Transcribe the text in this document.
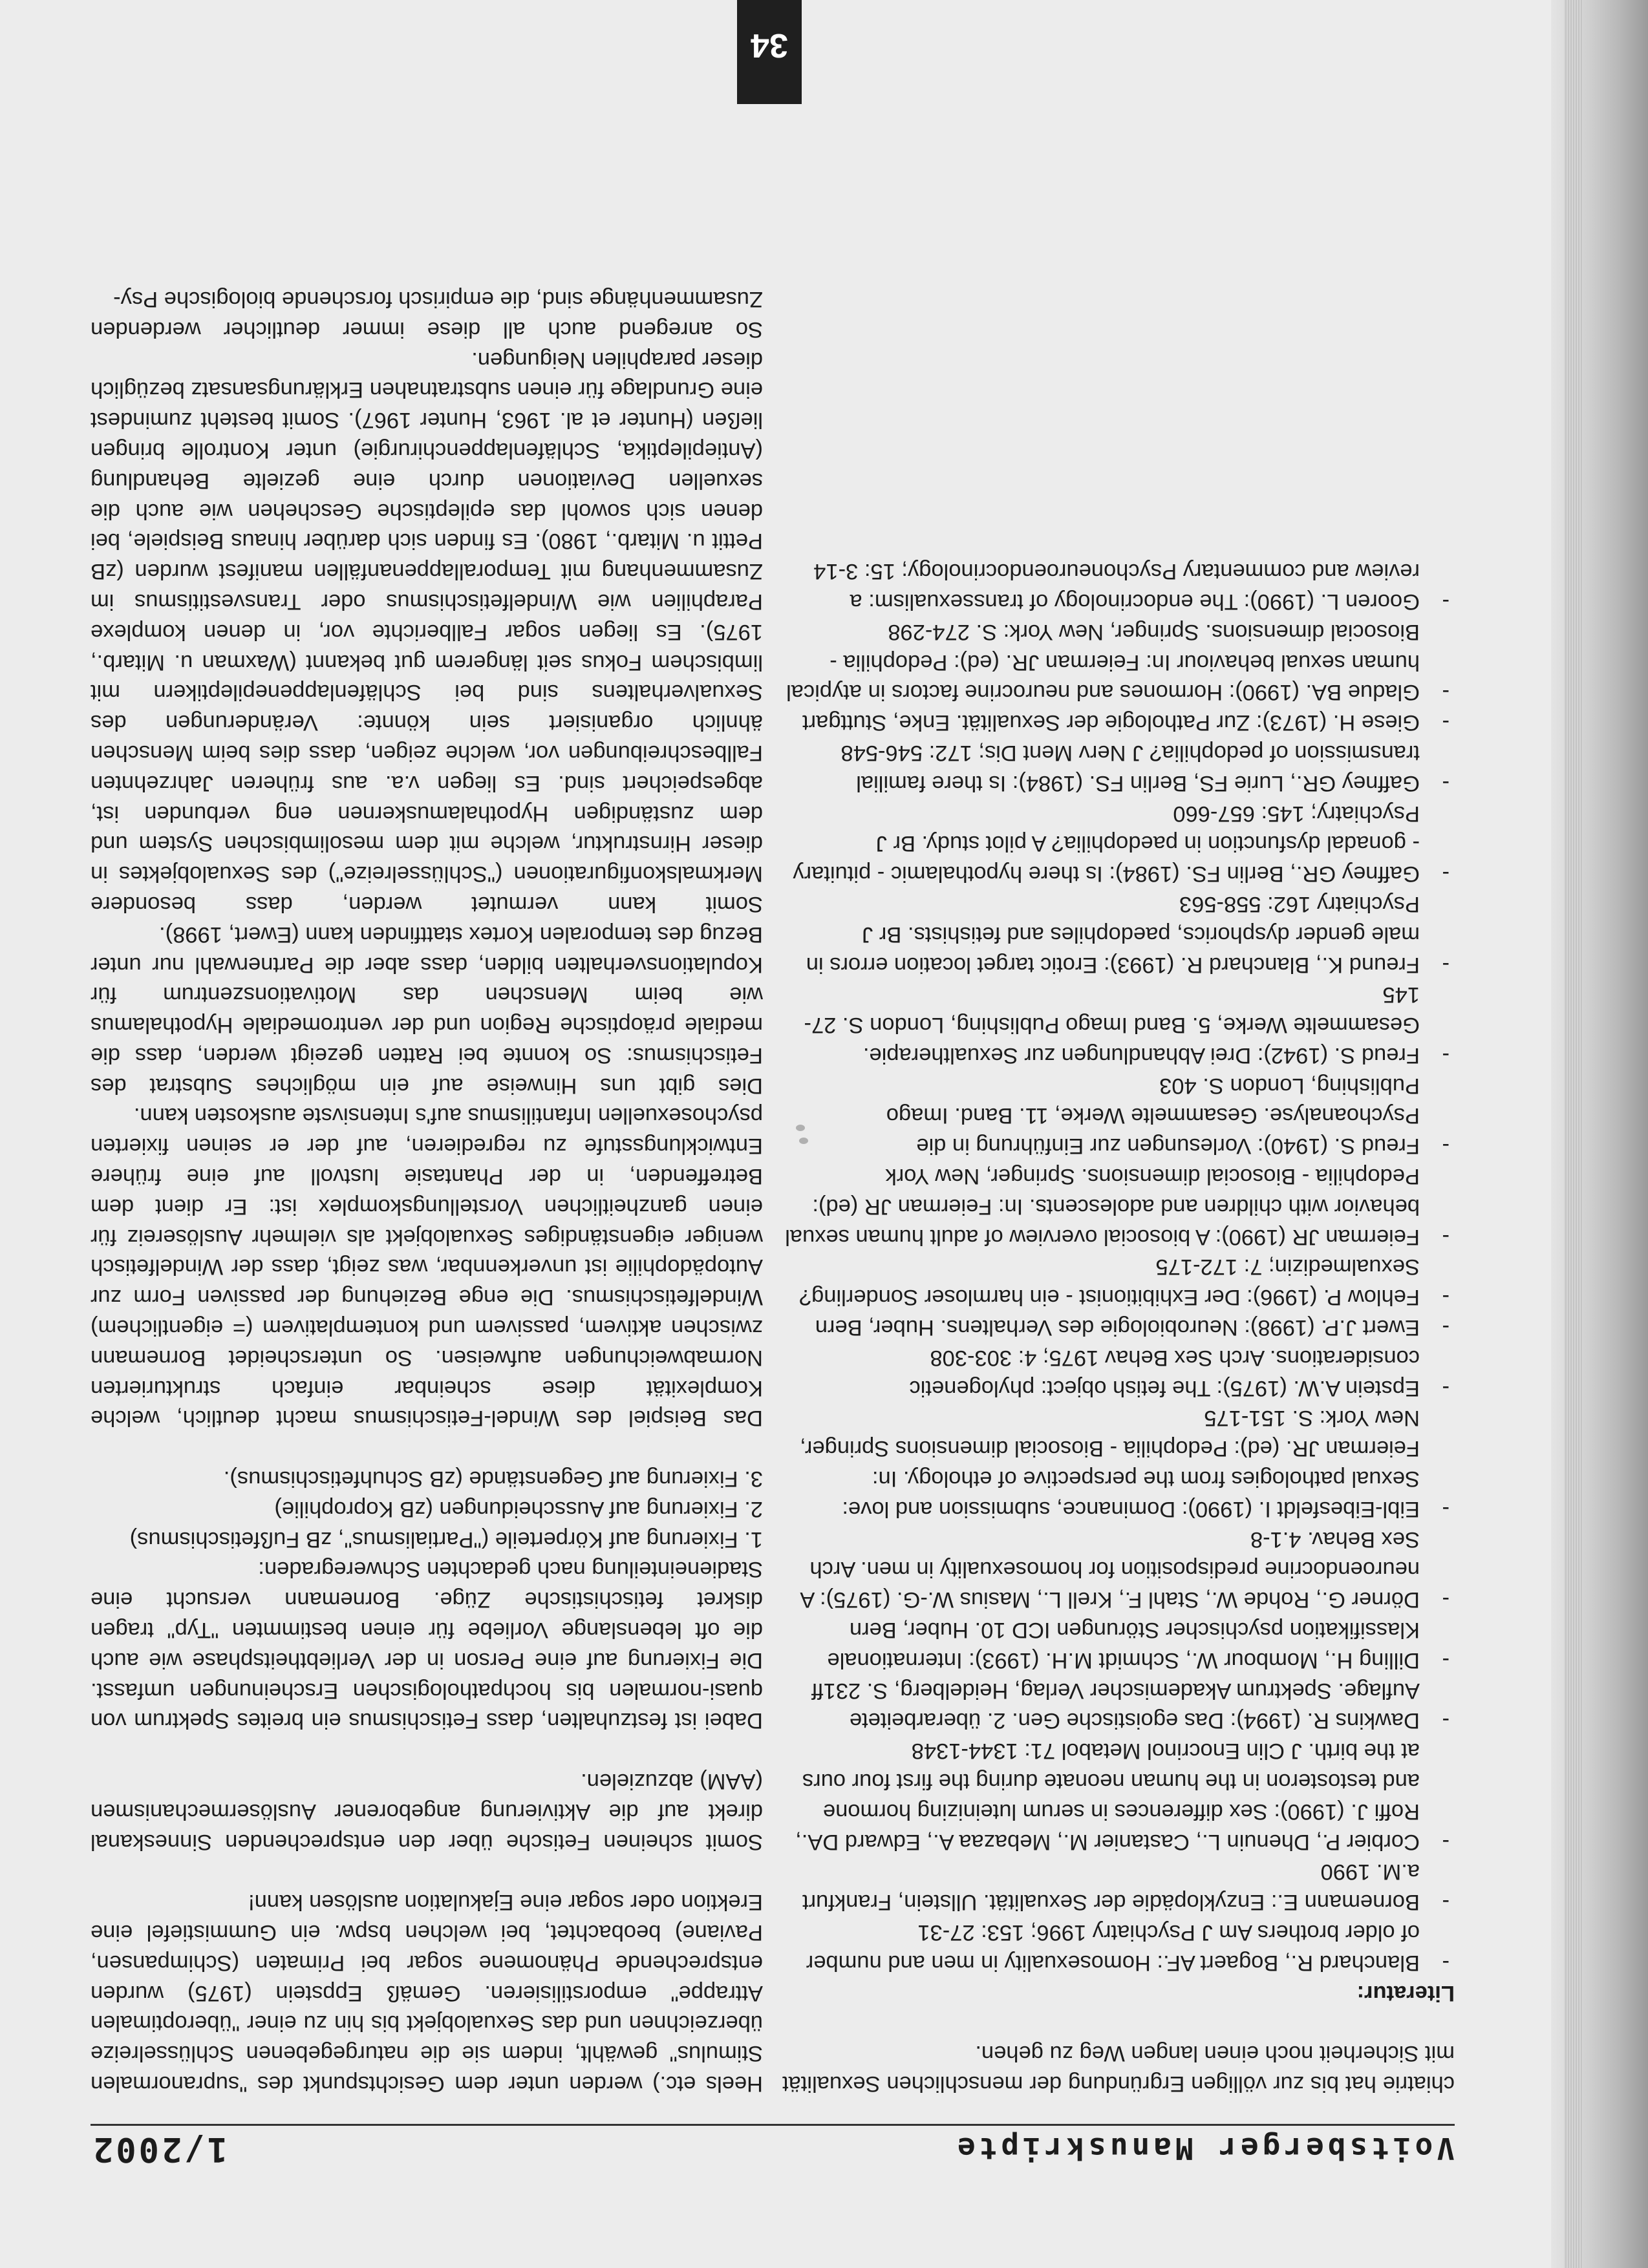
Voitsberger Manuskripte
1/2002

chiatrie hat bis zur völligen Ergründung der menschlichen Sexualität mit Sicherheit noch einen langen Weg zu gehen.

Literatur:
- Blanchard R., Bogaert AF.: Homosexuality in men and number of older brothers Am J Psychiatry 1996; 153: 27-31
- Bornemann E.: Enzyklopädie der Sexualität. Ullstein, Frankfurt a.M. 1990
- Corbier P., Dhenuin L., Castanier M., Mebazaa A., Edward DA., Roffi J. (1990): Sex differences in serum luteinizing hormone and testosteron in the human neonate during the first four ours at the birth. J Clin Enocrinol Metabol 71: 1344-1348
- Dawkins R. (1994): Das egoistische Gen. 2. überarbeitete Auflage. Spektrum Akademischer Verlag, Heidelberg, S. 231ff
- Dilling H., Mombour W., Schmidt M.H. (1993): Internationale Klassifikation psychischer Störungen ICD 10. Huber, Bern
- Dörner G., Rohde W., Stahl F., Krell L., Masius W.-G. (1975): A neuroendocrine predisposition for homosexuality in men. Arch Sex Behav. 4.1-8
- Eibl-Eibesfeldt I. (1990): Dominance, submission and love: Sexual pathologies from the perspective of ethology. In: Feierman JR. (ed): Pedophilia - Biosocial dimensions Springer, New York: S. 151-175
- Epstein A.W. (1975): The fetish object: phylogenetic considerations. Arch Sex Behav 1975; 4: 303-308
- Ewert J.P. (1998): Neurobiologie des Verhaltens. Huber, Bern
- Fehlow P. (1996): Der Exhibitionist - ein harmloser Sonderling? Sexualmedizin; 7: 172-175
- Feierman JR (1990): A biosocial overview of adult human sexual behavior with children and adolescents. In: Feierman JR (ed): Pedophilia - Biosocial dimensions. Springer, New York
- Freud S. (1940): Vorlesungen zur Einführung in die Psychoanalyse. Gesammelte Werke, 11. Band. Imago Publishing, London S. 403
- Freud S. (1942): Drei Abhandlungen zur Sexualtherapie. Gesammelte Werke, 5. Band Imago Publishing, London S. 27-145
- Freund K., Blanchard R. (1993): Erotic target location errors in male gender dysphorics, paedophiles and fetishists. Br J Psychiatry 162: 558-563
- Gaffney GR., Berlin FS. (1984): Is there hypothalamic - pituitary - gonadal dysfunction in paedophilia? A pilot study. Br J Psychiatry; 145: 657-660
- Gaffney GR., Lurie FS, Berlin FS. (1984): Is there familial transmission of pedophilia? J Nerv Ment Dis; 172: 546-548
- Giese H. (1973): Zur Pathologie der Sexualität. Enke, Stuttgart
- Gladue BA. (1990): Hormones and neurocrine factors in atypical human sexual behaviour In: Feierman JR. (ed): Pedophilia - Biosocial dimensions. Springer, New York: S. 274-298
- Gooren L. (1990): The endocrinology of transsexualism: a review and commentary Psychoneuroendocrinology; 15: 3-14

Heels etc.) werden unter dem Gesichtspunkt des "supranormalen Stimulus" gewählt, indem sie die naturgegebenen Schlüsselreize überzeichnen und das Sexualobjekt bis hin zu einer "überoptimalen Attrappe" emporstilisieren. Gemäß Eppstein (1975) wurden entsprechende Phänomene sogar bei Primaten (Schimpansen, Paviane) beobachtet, bei welchen bspw. ein Gummistiefel eine Erektion oder sogar eine Ejakulation auslösen kann!

Somit scheinen Fetische über den entsprechenden Sinneskanal direkt auf die Aktivierung angeborener Auslösermechanismen (AAM) abzuzielen.

Dabei ist festzuhalten, dass Fetischismus ein breites Spektrum von quasi-normalen bis hochpathologischen Erscheinungen umfasst. Die Fixierung auf eine Person in der Verliebtheitsphase wie auch die oft lebenslange Vorliebe für einen bestimmten "Typ" tragen diskret fetischistische Züge. Bornemann versucht eine Stadieneinteilung nach gedachten Schweregraden:

1. Fixierung auf Körperteile ("Partialismus", zB Fußfetischismus)
2. Fixierung auf Ausscheidungen (zB Koprophilie)
3. Fixierung auf Gegenstände (zB Schuhfetischismus).

Das Beispiel des Windel-Fetischismus macht deutlich, welche Komplexität diese scheinbar einfach strukturierten Normabweichungen aufweisen. So unterscheidet Bornemann zwischen aktivem, passivem und kontemplativem (= eigentlichem) Windelfetischismus. Die enge Beziehung der passiven Form zur Autopädophilie ist unverkennbar, was zeigt, dass der Windelfetisch weniger eigenständiges Sexualobjekt als vielmehr Auslösereiz für einen ganzheitlichen Vorstellungskomplex ist: Er dient dem Betreffenden, in der Phantasie lustvoll auf eine frühere Entwicklungsstufe zu regredieren, auf der er seinen fixierten psychosexuellen Infantilismus auf's Intensivste auskosten kann.

Dies gibt uns Hinweise auf ein mögliches Substrat des Fetischismus: So konnte bei Ratten gezeigt werden, dass die mediale präoptische Region und der ventromediale Hypothalamus wie beim Menschen das Motivationszentrum für Kopulationsverhalten bilden, dass aber die Partnerwahl nur unter Bezug des temporalen Kortex stattfinden kann (Ewert, 1998).

Somit kann vermutet werden, dass besondere Merkmalskonfigurationen ("Schlüsselreize") des Sexualobjektes in dieser Hirnstruktur, welche mit dem mesolimbischen System und dem zuständigen Hypothalamuskernen eng verbunden ist, abgespeichert sind. Es liegen v.a. aus früheren Jahrzehnten Fallbeschreibungen vor, welche zeigen, dass dies beim Menschen ähnlich organisiert sein könnte: Veränderungen des Sexualverhaltens sind bei Schläfenlappenepileptikern mit limbischem Fokus seit längerem gut bekannt (Waxman u. Mitarb., 1975). Es liegen sogar Fallberichte vor, in denen komplexe Paraphilien wie Windelfetischismus oder Transvestitismus im Zusammenhang mit Temporallappenanfällen manifest wurden (zB Pettit u. Mitarb., 1980). Es finden sich darüber hinaus Beispiele, bei denen sich sowohl das epileptische Geschehen wie auch die sexuellen Deviationen durch eine gezielte Behandlung (Antiepileptika, Schläfenlappenchirurgie) unter Kontrolle bringen ließen (Hunter et al. 1963, Hunter 1967). Somit besteht zumindest eine Grundlage für einen substratnahen Erklärungsansatz bezüglich dieser paraphilen Neigungen.

So anregend auch all diese immer deutlicher werdenden Zusammenhänge sind, die empirisch forschende biologische Psy-

34
